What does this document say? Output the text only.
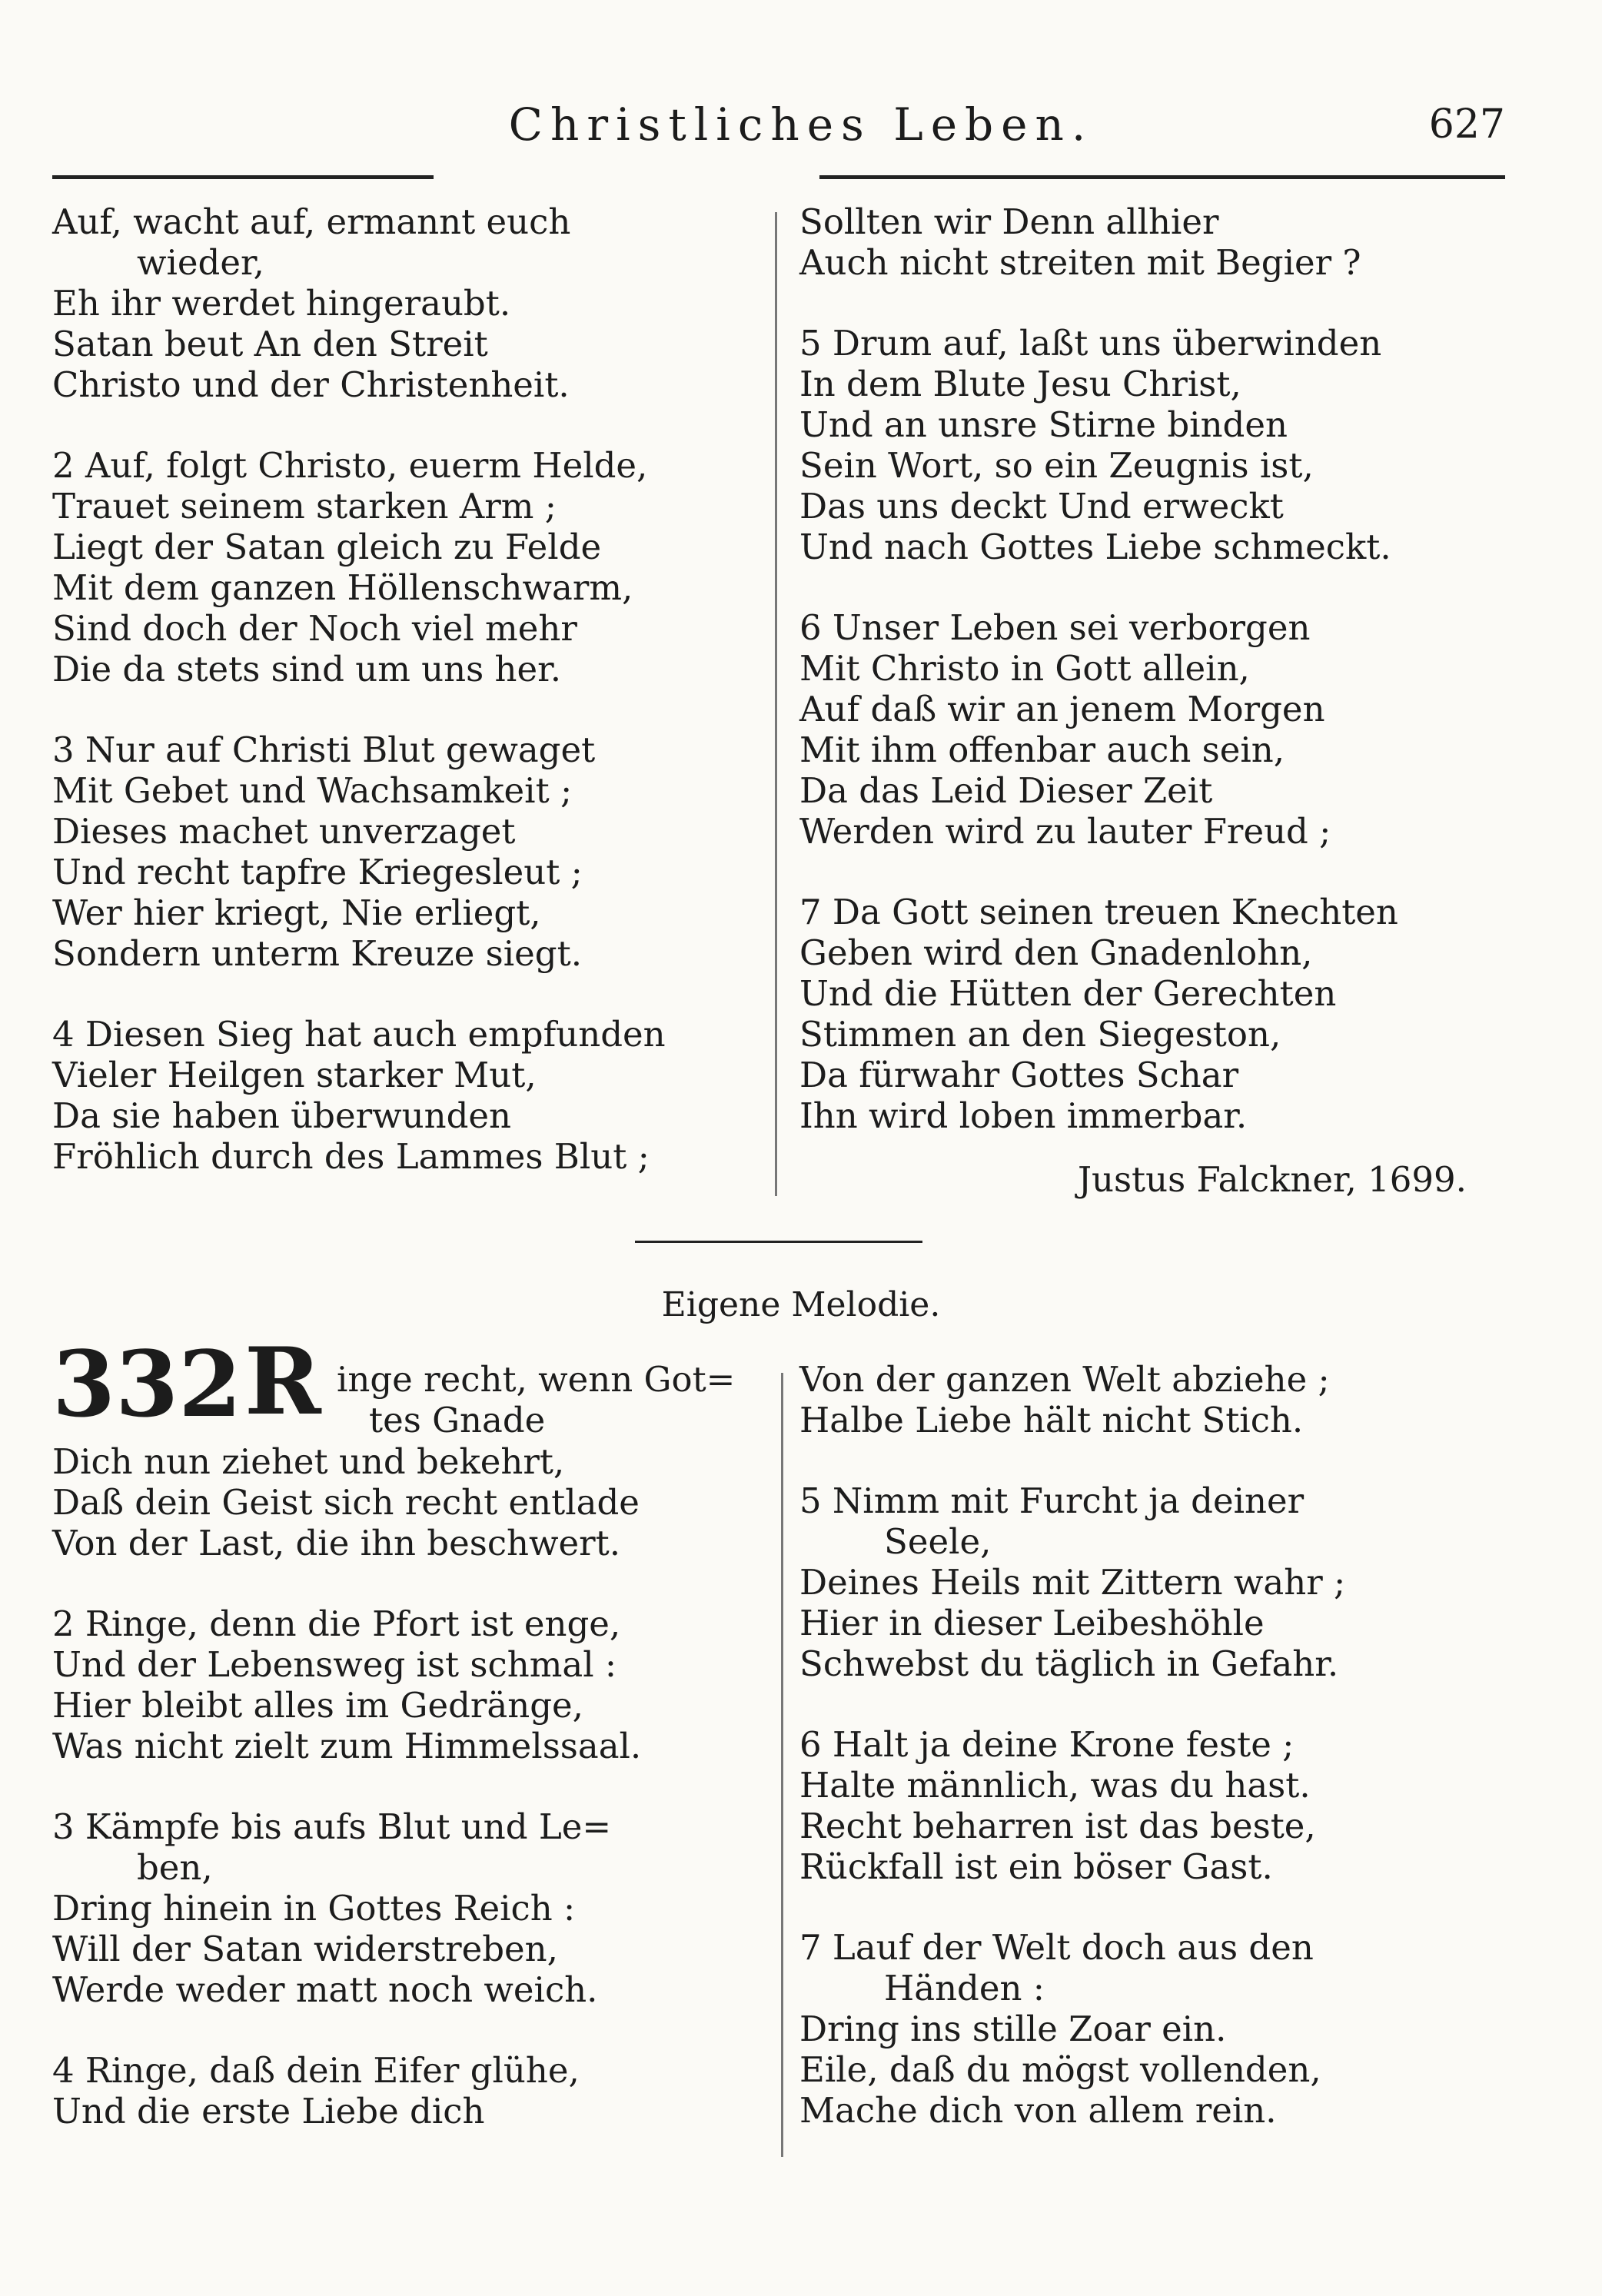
Christliches Leben.	627
Auf, wacht auf, ermannt euch
wieder,
Eh ihr werdet hingeraubt.
Satan beut An den Streit
Christo und der Christenheit.
2 Auf, folgt Christo, euerm Helde,
Trauet seinem starken Arm ;
Liegt der Satan gleich zu Felde
Mit dem ganzen Höllenschwarm,
Sind doch der Noch viel mehr
Die da stets sind um uns her.
3 Nur auf Christi Blut gewaget
Mit Gebet und Wachsamkeit ;
Dieses machet unverzaget
Und recht tapfre Kriegesleut ;
Wer hier kriegt, Nie erliegt,
Sondern unterm Kreuze siegt.
4 Diesen Sieg hat auch empfunden
Vieler Heilgen starker Mut,
Da sie haben überwunden
Fröhlich durch des Lammes Blut ;
Sollten wir Denn allhier
Auch nicht streiten mit Begier ?
5 Drum auf, laßt uns überwinden
In dem Blute Jesu Christ,
Und an unsre Stirne binden
Sein Wort, so ein Zeugnis ist,
Das uns deckt Und erweckt
Und nach Gottes Liebe schmeckt.
6 Unser Leben sei verborgen
Mit Christo in Gott allein,
Auf daß wir an jenem Morgen
Mit ihm offenbar auch sein,
Da das Leid Dieser Zeit
Werden wird zu lauter Freud ;
7 Da Gott seinen treuen Knechten
Geben wird den Gnadenlohn,
Und die Hütten der Gerechten
Stimmen an den Siegeston,
Da fürwahr Gottes Schar
Ihn wird loben immerbar.
Justus Falckner, 1699.
Eigene Melodie.
332 R inge recht, wenn Got=
tes Gnade
Dich nun ziehet und bekehrt,
Daß dein Geist sich recht entlade
Von der Last, die ihn beschwert.
2 Ringe, denn die Pfort ist enge,
Und der Lebensweg ist schmal :
Hier bleibt alles im Gedränge,
Was nicht zielt zum Himmelssaal.
3 Kämpfe bis aufs Blut und Le=
ben,
Dring hinein in Gottes Reich :
Will der Satan widerstreben,
Werde weder matt noch weich.
4 Ringe, daß dein Eifer glühe,
Und die erste Liebe dich
Von der ganzen Welt abziehe ;
Halbe Liebe hält nicht Stich.
5 Nimm mit Furcht ja deiner
Seele,
Deines Heils mit Zittern wahr ;
Hier in dieser Leibeshöhle
Schwebst du täglich in Gefahr.
6 Halt ja deine Krone feste ;
Halte männlich, was du hast.
Recht beharren ist das beste,
Rückfall ist ein böser Gast.
7 Lauf der Welt doch aus den
Händen :
Dring ins stille Zoar ein.
Eile, daß du mögst vollenden,
Mache dich von allem rein.
